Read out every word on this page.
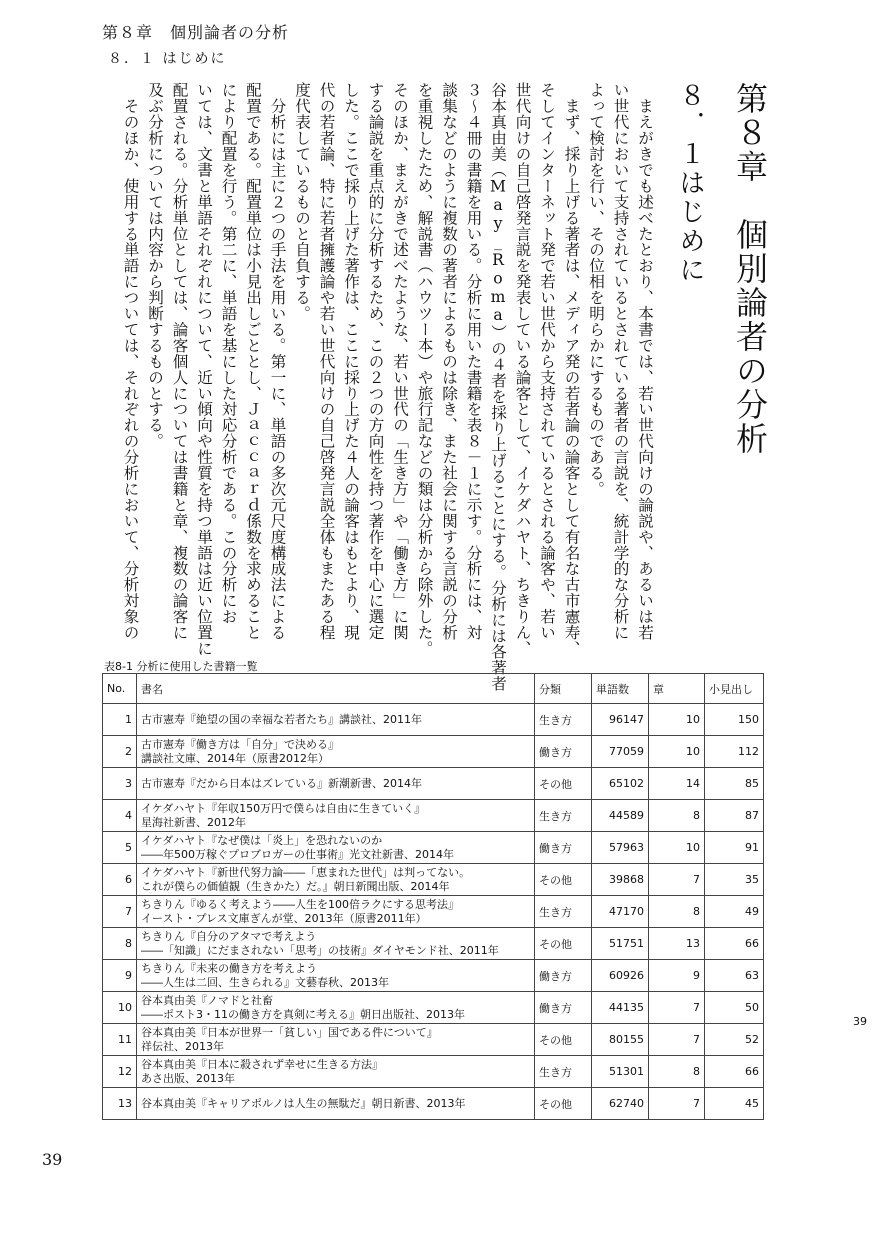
第８章　個別論者の分析
８．１ はじめに
第８章　個別論者の分析
８．１はじめに
　まえがきでも述べたとおり、本書では、若い世代向けの論説や、あるいは若
い世代において支持されているとされている著者の言説を、統計学的な分析に
よって検討を行い、その位相を明らかにするものである。
　まず、採り上げる著者は、メディア発の若者論の論客として有名な古市憲寿、
そしてインターネット発で若い世代から支持されているとされる論客や、若い
世代向けの自己啓発言説を発表している論客として、イケダハヤト、ちきりん、
谷本真由美（May_Roma）の４者を採り上げることにする。分析には各著者
３～４冊の書籍を用いる。分析に用いた書籍を表８－１に示す。分析には、対
談集などのように複数の著者によるものは除き、また社会に関する言説の分析
を重視したため、解説書（ハウツー本）や旅行記などの類は分析から除外した。
そのほか、まえがきで述べたような、若い世代の「生き方」や「働き方」に関
する論説を重点的に分析するため、この２つの方向性を持つ著作を中心に選定
した。ここで採り上げた著作は、ここに採り上げた４人の論客はもとより、現
代の若者論、特に若者擁護論や若い世代向けの自己啓発言説全体もまたある程
度代表しているものと自負する。
　分析には主に２つの手法を用いる。第一に、単語の多次元尺度構成法による
配置である。配置単位は小見出しごととし、Ｊａｃｃａｒｄ係数を求めること
により配置を行う。第二に、単語を基にした対応分析である。この分析にお
いては、文書と単語それぞれについて、近い傾向や性質を持つ単語は近い位置に
配置される。分析単位としては、論客個人については書籍と章、複数の論客に
及ぶ分析については内容から判断するものとする。
　そのほか、使用する単語については、それぞれの分析において、分析対象の
表8-1 分析に使用した書籍一覧
No.	書名	分類	単語数	章	小見出し
1	古市憲寿『絶望の国の幸福な若者たち』講談社、2011年	生き方	96147	10	150
2	古市憲寿『働き方は「自分」で決める』
講談社文庫、2014年（原書2012年）	働き方	77059	10	112
3	古市憲寿『だから日本はズレている』新潮新書、2014年	その他	65102	14	85
4	イケダハヤト『年収150万円で僕らは自由に生きていく』
星海社新書、2012年	生き方	44589	8	87
5	イケダハヤト『なぜ僕は「炎上」を恐れないのか
――年500万稼ぐプロブロガーの仕事術』光文社新書、2014年	働き方	57963	10	91
6	イケダハヤト『新世代努力論――「恵まれた世代」は判ってない。
これが僕らの価値観（生きかた）だ。』朝日新聞出版、2014年	その他	39868	7	35
7	ちきりん『ゆるく考えよう――人生を100倍ラクにする思考法』
イースト・プレス文庫ぎんが堂、2013年（原書2011年）	生き方	47170	8	49
8	ちきりん『自分のアタマで考えよう
――「知識」にだまされない「思考」の技術』ダイヤモンド社、2011年	その他	51751	13	66
9	ちきりん『未来の働き方を考えよう
――人生は二回、生きられる』文藝春秋、2013年	働き方	60926	9	63
10	谷本真由美『ノマドと社畜
――ポスト3・11の働き方を真剣に考える』朝日出版社、2013年	働き方	44135	7	50
11	谷本真由美『日本が世界一「貧しい」国である件について』
祥伝社、2013年	その他	80155	7	52
12	谷本真由美『日本に殺されず幸せに生きる方法』
あさ出版、2013年	生き方	51301	8	66
13	谷本真由美『キャリアポルノは人生の無駄だ』朝日新書、2013年	その他	62740	7	45
39
39
